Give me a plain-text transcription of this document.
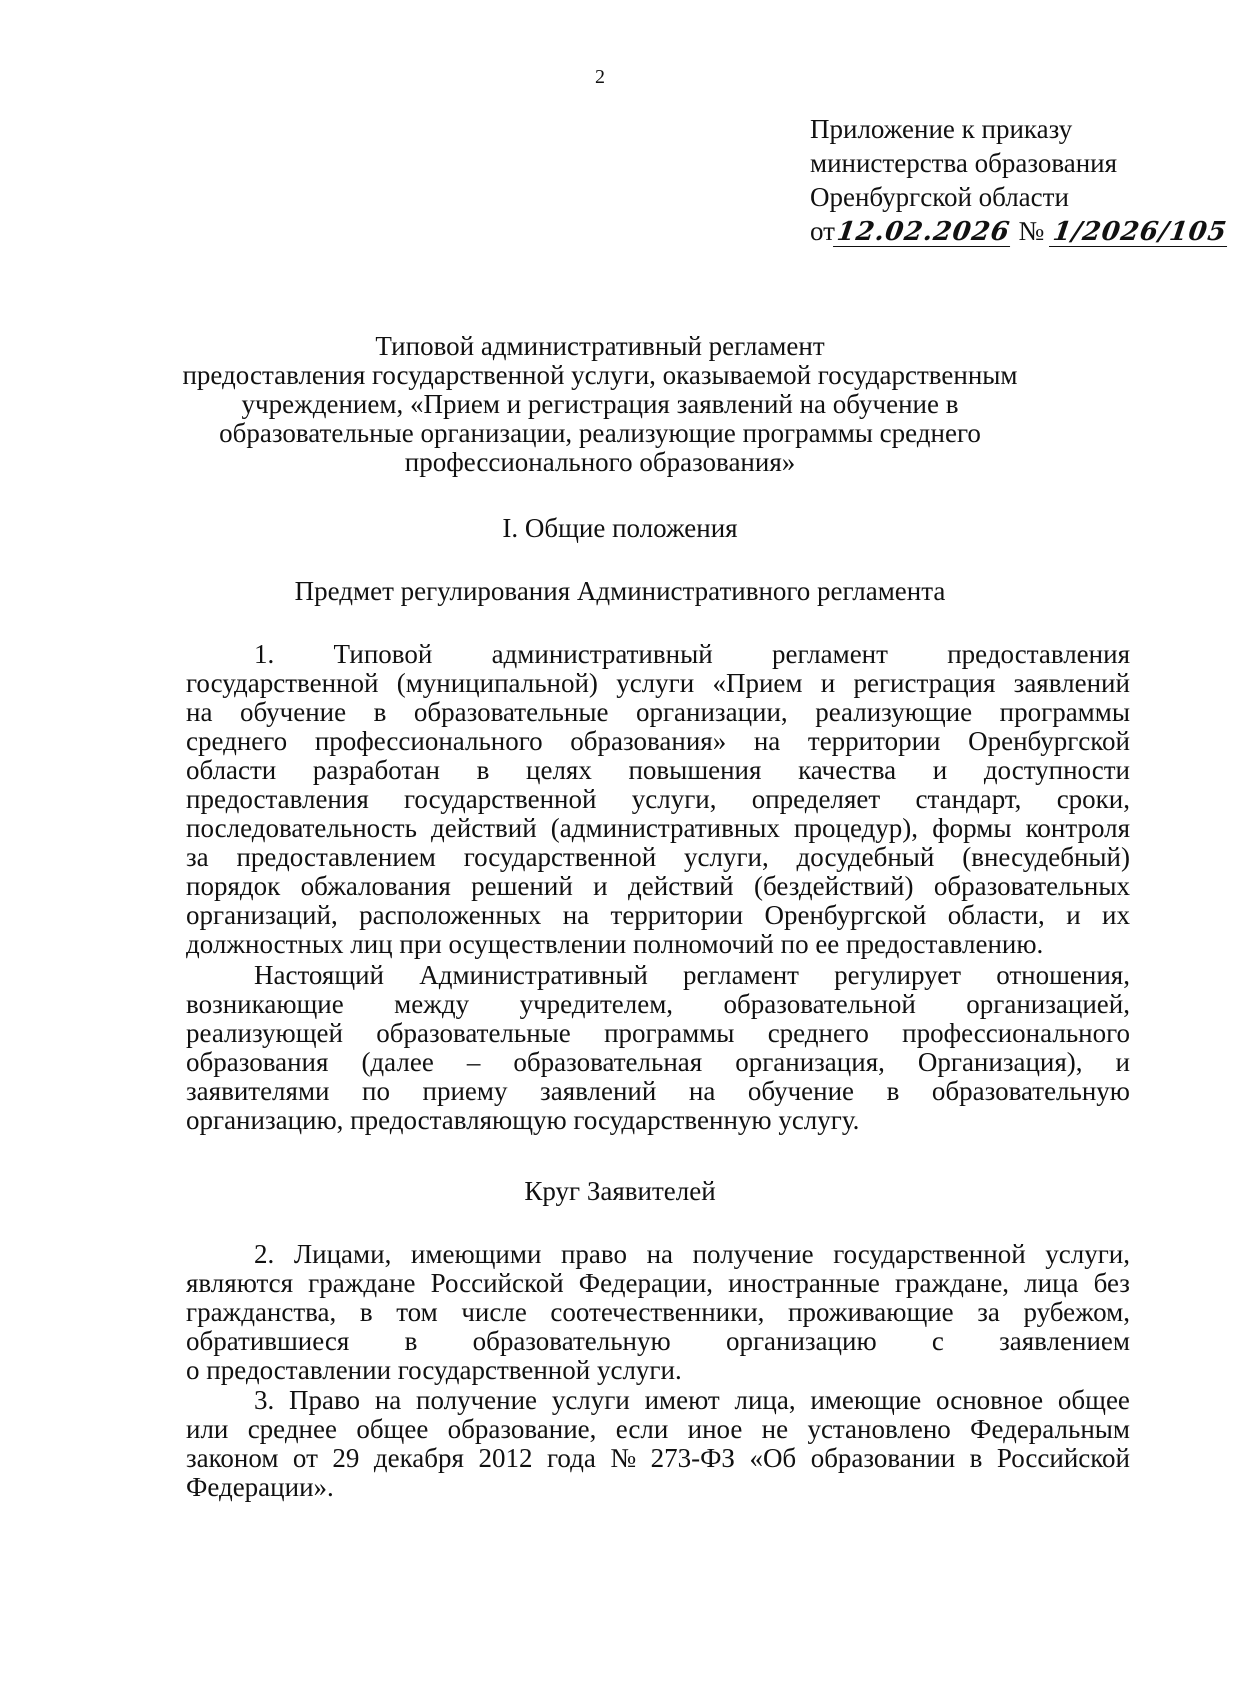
2
Приложение к приказу
министерства образования
Оренбургской области
от12.02.2026 № 1/2026/105
Типовой административный регламент
предоставления государственной услуги, оказываемой государственным
учреждением, «Прием и регистрация заявлений на обучение в
образовательные организации, реализующие программы среднего
профессионального образования»
I. Общие положения
Предмет регулирования Административного регламента
1. Типовой административный регламент предоставления
государственной (муниципальной) услуги «Прием и регистрация заявлений
на обучение в образовательные организации, реализующие программы
среднего профессионального образования» на территории Оренбургской
области разработан в целях повышения качества и доступности
предоставления государственной услуги, определяет стандарт, сроки,
последовательность действий (административных процедур), формы контроля
за предоставлением государственной услуги, досудебный (внесудебный)
порядок обжалования решений и действий (бездействий) образовательных
организаций, расположенных на территории Оренбургской области, и их
должностных лиц при осуществлении полномочий по ее предоставлению.
Настоящий Административный регламент регулирует отношения,
возникающие между учредителем, образовательной организацией,
реализующей образовательные программы среднего профессионального
образования (далее – образовательная организация, Организация), и
заявителями по приему заявлений на обучение в образовательную
организацию, предоставляющую государственную услугу.
Круг Заявителей
2. Лицами, имеющими право на получение государственной услуги,
являются граждане Российской Федерации, иностранные граждане, лица без
гражданства, в том числе соотечественники, проживающие за рубежом,
обратившиеся в образовательную организацию с заявлением
о предоставлении государственной услуги.
3. Право на получение услуги имеют лица, имеющие основное общее
или среднее общее образование, если иное не установлено Федеральным
законом от 29 декабря 2012 года № 273-ФЗ «Об образовании в Российской
Федерации».
